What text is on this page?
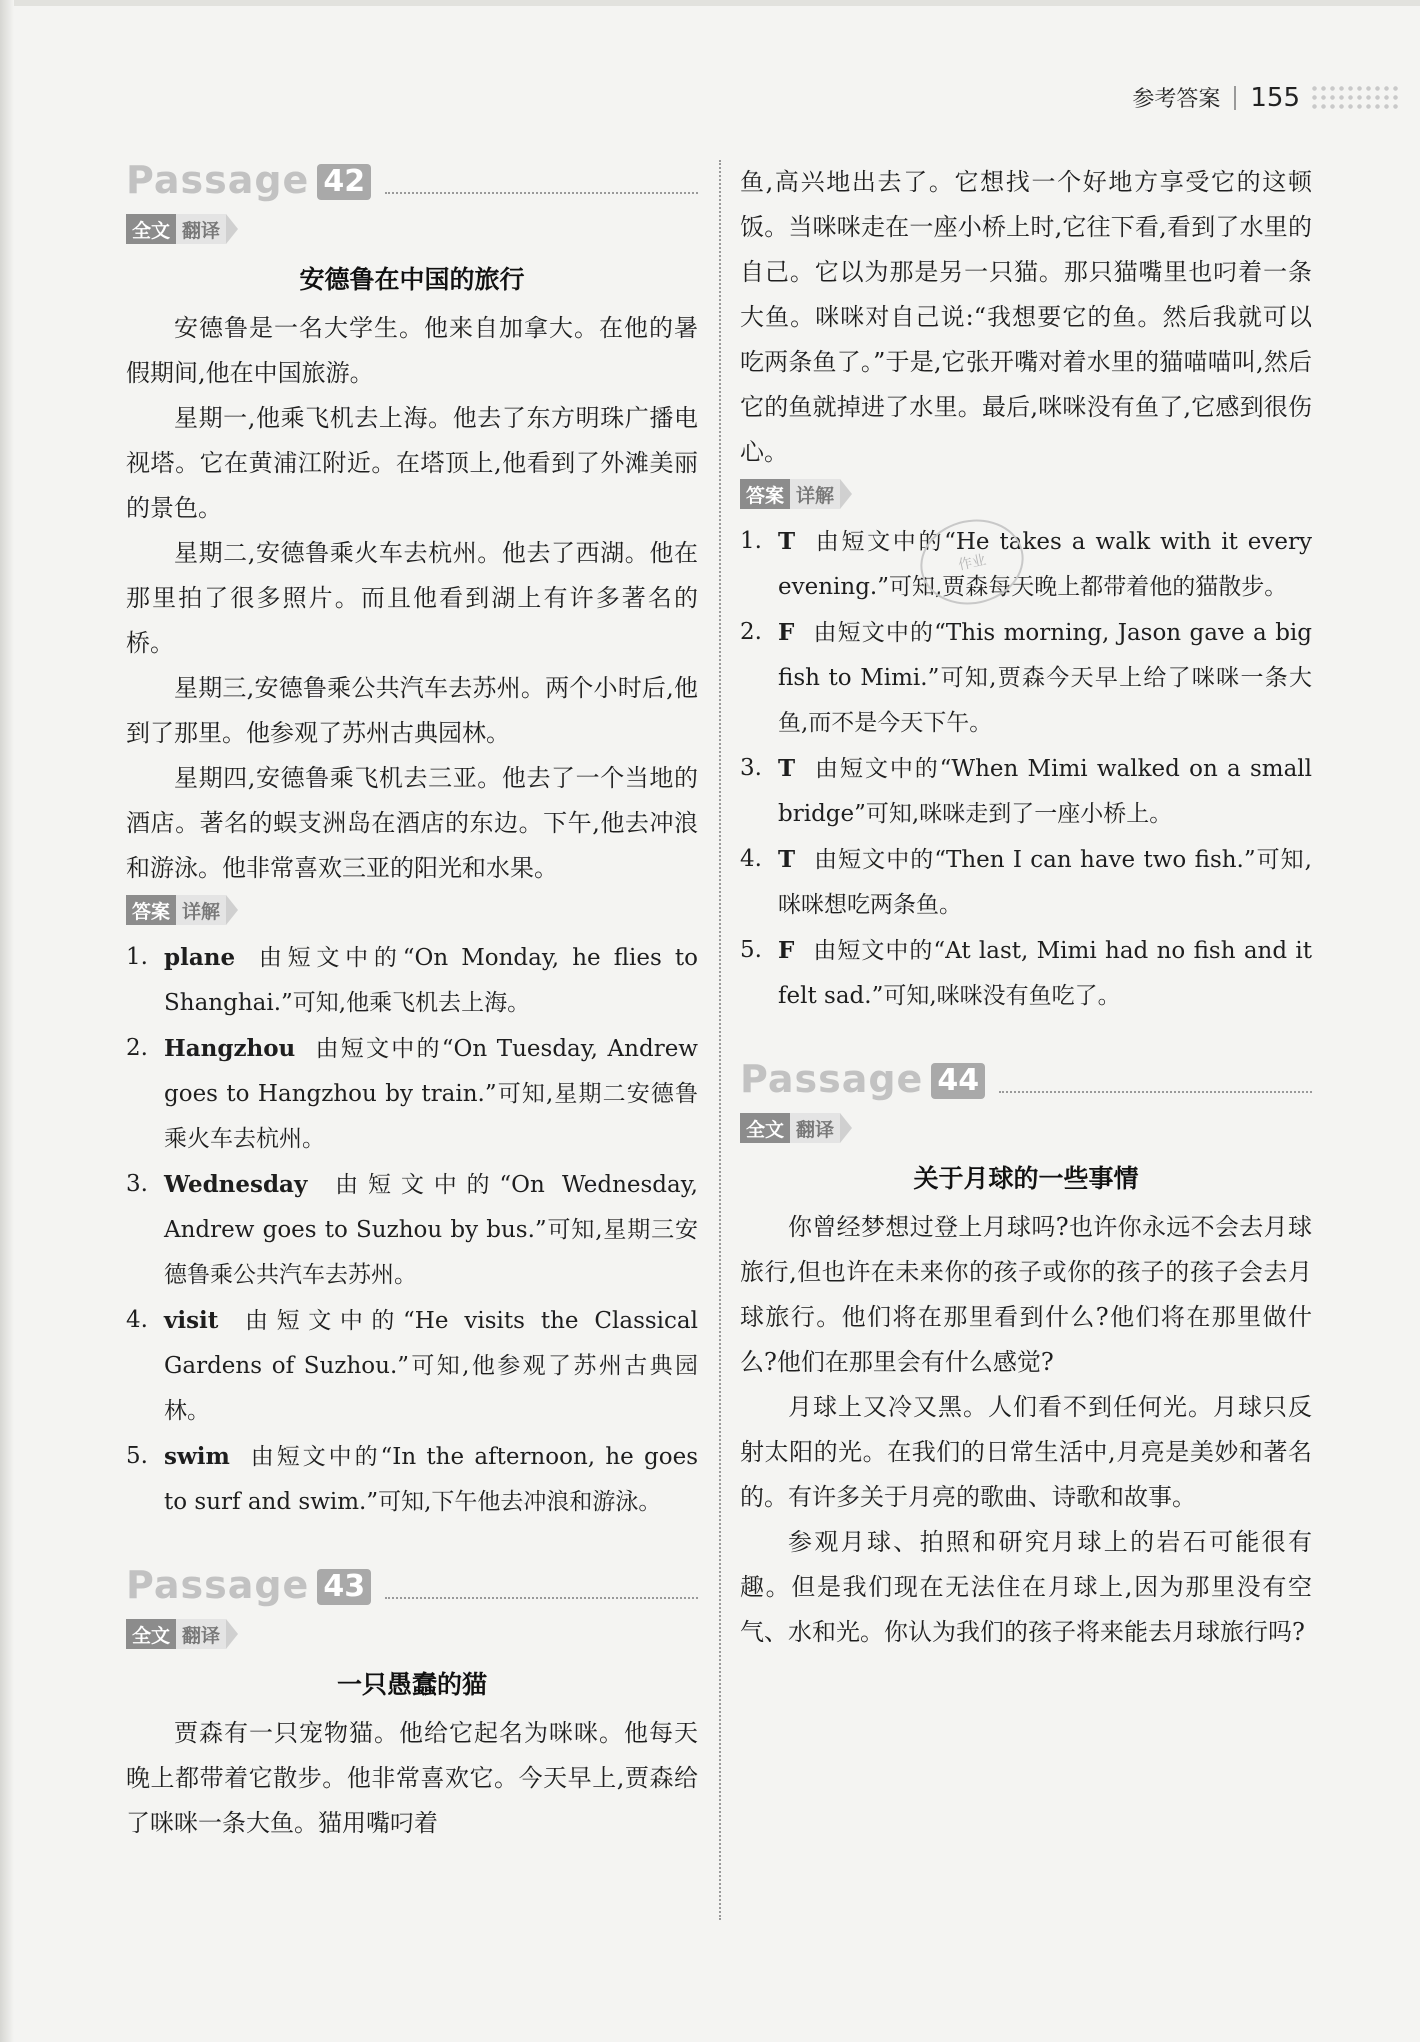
参考答案 155
Passage 42
全文 翻译
安德鲁在中国的旅行

安德鲁是一名大学生。他来自加拿大。在他的暑假期间,他在中国旅游。

星期一,他乘飞机去上海。他去了东方明珠广播电视塔。它在黄浦江附近。在塔顶上,他看到了外滩美丽的景色。

星期二,安德鲁乘火车去杭州。他去了西湖。他在那里拍了很多照片。而且他看到湖上有许多著名的桥。

星期三,安德鲁乘公共汽车去苏州。两个小时后,他到了那里。他参观了苏州古典园林。

星期四,安德鲁乘飞机去三亚。他去了一个当地的酒店。著名的蜈支洲岛在酒店的东边。下午,他去冲浪和游泳。他非常喜欢三亚的阳光和水果。

答案 详解
1. plane 由短文中的“On Monday, he flies to Shanghai.”可知,他乘飞机去上海。
2. Hangzhou 由短文中的“On Tuesday, Andrew goes to Hangzhou by train.”可知,星期二安德鲁乘火车去杭州。
3. Wednesday 由短文中的“On Wednesday, Andrew goes to Suzhou by bus.”可知,星期三安德鲁乘公共汽车去苏州。
4. visit 由短文中的“He visits the Classical Gardens of Suzhou.”可知,他参观了苏州古典园林。
5. swim 由短文中的“In the afternoon, he goes to surf and swim.”可知,下午他去冲浪和游泳。
Passage 43
全文 翻译
一只愚蠢的猫

贾森有一只宠物猫。他给它起名为咪咪。他每天晚上都带着它散步。他非常喜欢它。今天早上,贾森给了咪咪一条大鱼。猫用嘴叼着

鱼,高兴地出去了。它想找一个好地方享受它的这顿饭。当咪咪走在一座小桥上时,它往下看,看到了水里的自己。它以为那是另一只猫。那只猫嘴里也叼着一条大鱼。咪咪对自己说:“我想要它的鱼。然后我就可以吃两条鱼了。”于是,它张开嘴对着水里的猫喵喵叫,然后它的鱼就掉进了水里。最后,咪咪没有鱼了,它感到很伤心。

答案 详解
1. T 由短文中的“He takes a walk with it every evening.”可知,贾森每天晚上都带着他的猫散步。
2. F 由短文中的“This morning, Jason gave a big fish to Mimi.”可知,贾森今天早上给了咪咪一条大鱼,而不是今天下午。
3. T 由短文中的“When Mimi walked on a small bridge”可知,咪咪走到了一座小桥上。
4. T 由短文中的“Then I can have two fish.”可知,咪咪想吃两条鱼。
5. F 由短文中的“At last, Mimi had no fish and it felt sad.”可知,咪咪没有鱼吃了。
Passage 44
全文 翻译
关于月球的一些事情

你曾经梦想过登上月球吗?也许你永远不会去月球旅行,但也许在未来你的孩子或你的孩子的孩子会去月球旅行。他们将在那里看到什么?他们将在那里做什么?他们在那里会有什么感觉?

月球上又冷又黑。人们看不到任何光。月球只反射太阳的光。在我们的日常生活中,月亮是美妙和著名的。有许多关于月亮的歌曲、诗歌和故事。

参观月球、拍照和研究月球上的岩石可能很有趣。但是我们现在无法住在月球上,因为那里没有空气、水和光。你认为我们的孩子将来能去月球旅行吗?

作业
